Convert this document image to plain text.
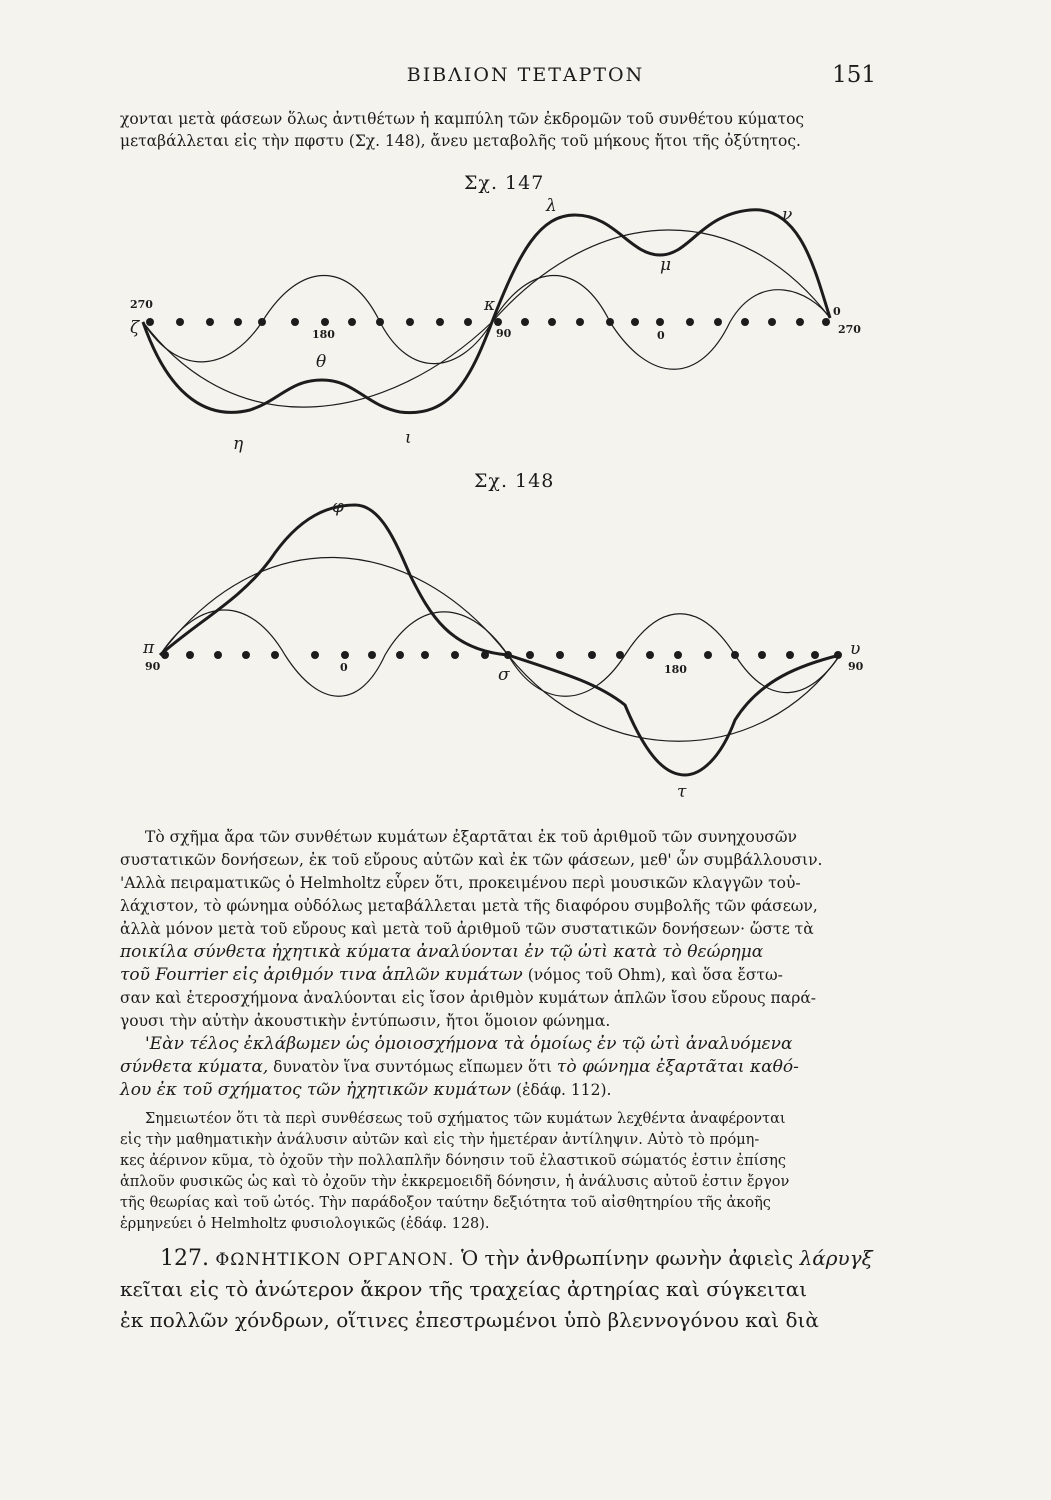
ΒΙΒΛΙΟΝ ΤΕΤΑΡΤΟΝ	151
χονται μετὰ φάσεων ὅλως ἀντιθέτων ἡ καμπύλη τῶν ἐκδρομῶν τοῦ συνθέτου κύματος
μεταβάλλεται εἰς τὴν πφστυ (Σχ. 148), ἄνευ μεταβολῆς τοῦ μήκους ἤτοι τῆς ὀξύτητος.
Σχ. 147
λ	ν
μ
κ
θ
η	ι
ζ
270
180	90	0
0
270
Σχ. 148
φ
π
σ
υ
τ
90	0	180	90
Τὸ σχῆμα ἄρα τῶν συνθέτων κυμάτων ἐξαρτᾶται ἐκ τοῦ ἀριθμοῦ τῶν συνηχουσῶν
συστατικῶν δονήσεων, ἐκ τοῦ εὔρους αὐτῶν καὶ ἐκ τῶν φάσεων, μεθ' ὧν συμβάλλουσιν.
'Αλλὰ πειραματικῶς ὁ Helmholtz εὗρεν ὅτι, προκειμένου περὶ μουσικῶν κλαγγῶν τοὐ-
λάχιστον, τὸ φώνημα οὐδόλως μεταβάλλεται μετὰ τῆς διαφόρου συμβολῆς τῶν φάσεων,
ἀλλὰ μόνον μετὰ τοῦ εὔρους καὶ μετὰ τοῦ ἀριθμοῦ τῶν συστατικῶν δονήσεων· ὥστε τὰ
ποικίλα σύνθετα ἠχητικὰ κύματα ἀναλύονται ἐν τῷ ὠτὶ κατὰ τὸ θεώρημα
τοῦ Fourrier εἰς ἀριθμόν τινα ἁπλῶν κυμάτων (νόμος τοῦ Ohm), καὶ ὅσα ἔστω-
σαν καὶ ἑτεροσχήμονα ἀναλύονται εἰς ἴσον ἀριθμὸν κυμάτων ἁπλῶν ἴσου εὔρους παρά-
γουσι τὴν αὐτὴν ἀκουστικὴν ἐντύπωσιν, ἤτοι ὅμοιον φώνημα.
'Εὰν τέλος ἐκλάβωμεν ὡς ὁμοιοσχήμονα τὰ ὁμοίως ἐν τῷ ὠτὶ ἀναλυόμενα
σύνθετα κύματα, δυνατὸν ἵνα συντόμως εἴπωμεν ὅτι τὸ φώνημα ἐξαρτᾶται καθό-
λου ἐκ τοῦ σχήματος τῶν ἠχητικῶν κυμάτων (ἐδάφ. 112).
Σημειωτέον ὅτι τὰ περὶ συνθέσεως τοῦ σχήματος τῶν κυμάτων λεχθέντα ἀναφέρονται
εἰς τὴν μαθηματικὴν ἀνάλυσιν αὐτῶν καὶ εἰς τὴν ἡμετέραν ἀντίληψιν. Αὐτὸ τὸ πρόμη-
κες ἀέρινον κῦμα, τὸ ὀχοῦν τὴν πολλαπλῆν δόνησιν τοῦ ἐλαστικοῦ σώματός ἐστιν ἐπίσης
ἁπλοῦν φυσικῶς ὡς καὶ τὸ ὀχοῦν τὴν ἐκκρεμοειδῆ δόνησιν, ἡ ἀνάλυσις αὐτοῦ ἐστιν ἔργον
τῆς θεωρίας καὶ τοῦ ὠτός. Τὴν παράδοξον ταύτην δεξιότητα τοῦ αἰσθητηρίου τῆς ἀκοῆς
ἑρμηνεύει ὁ Helmholtz φυσιολογικῶς (ἐδάφ. 128).
127. ΦΩΝΗΤΙΚΟΝ ΟΡΓΑΝΟΝ. Ὁ τὴν ἀνθρωπίνην φωνὴν ἀφιεὶς λάρυγξ
κεῖται εἰς τὸ ἀνώτερον ἄκρον τῆς τραχείας ἀρτηρίας καὶ σύγκειται
ἐκ πολλῶν χόνδρων, οἵτινες ἐπεστρωμένοι ὑπὸ βλεννογόνου καὶ διὰ
